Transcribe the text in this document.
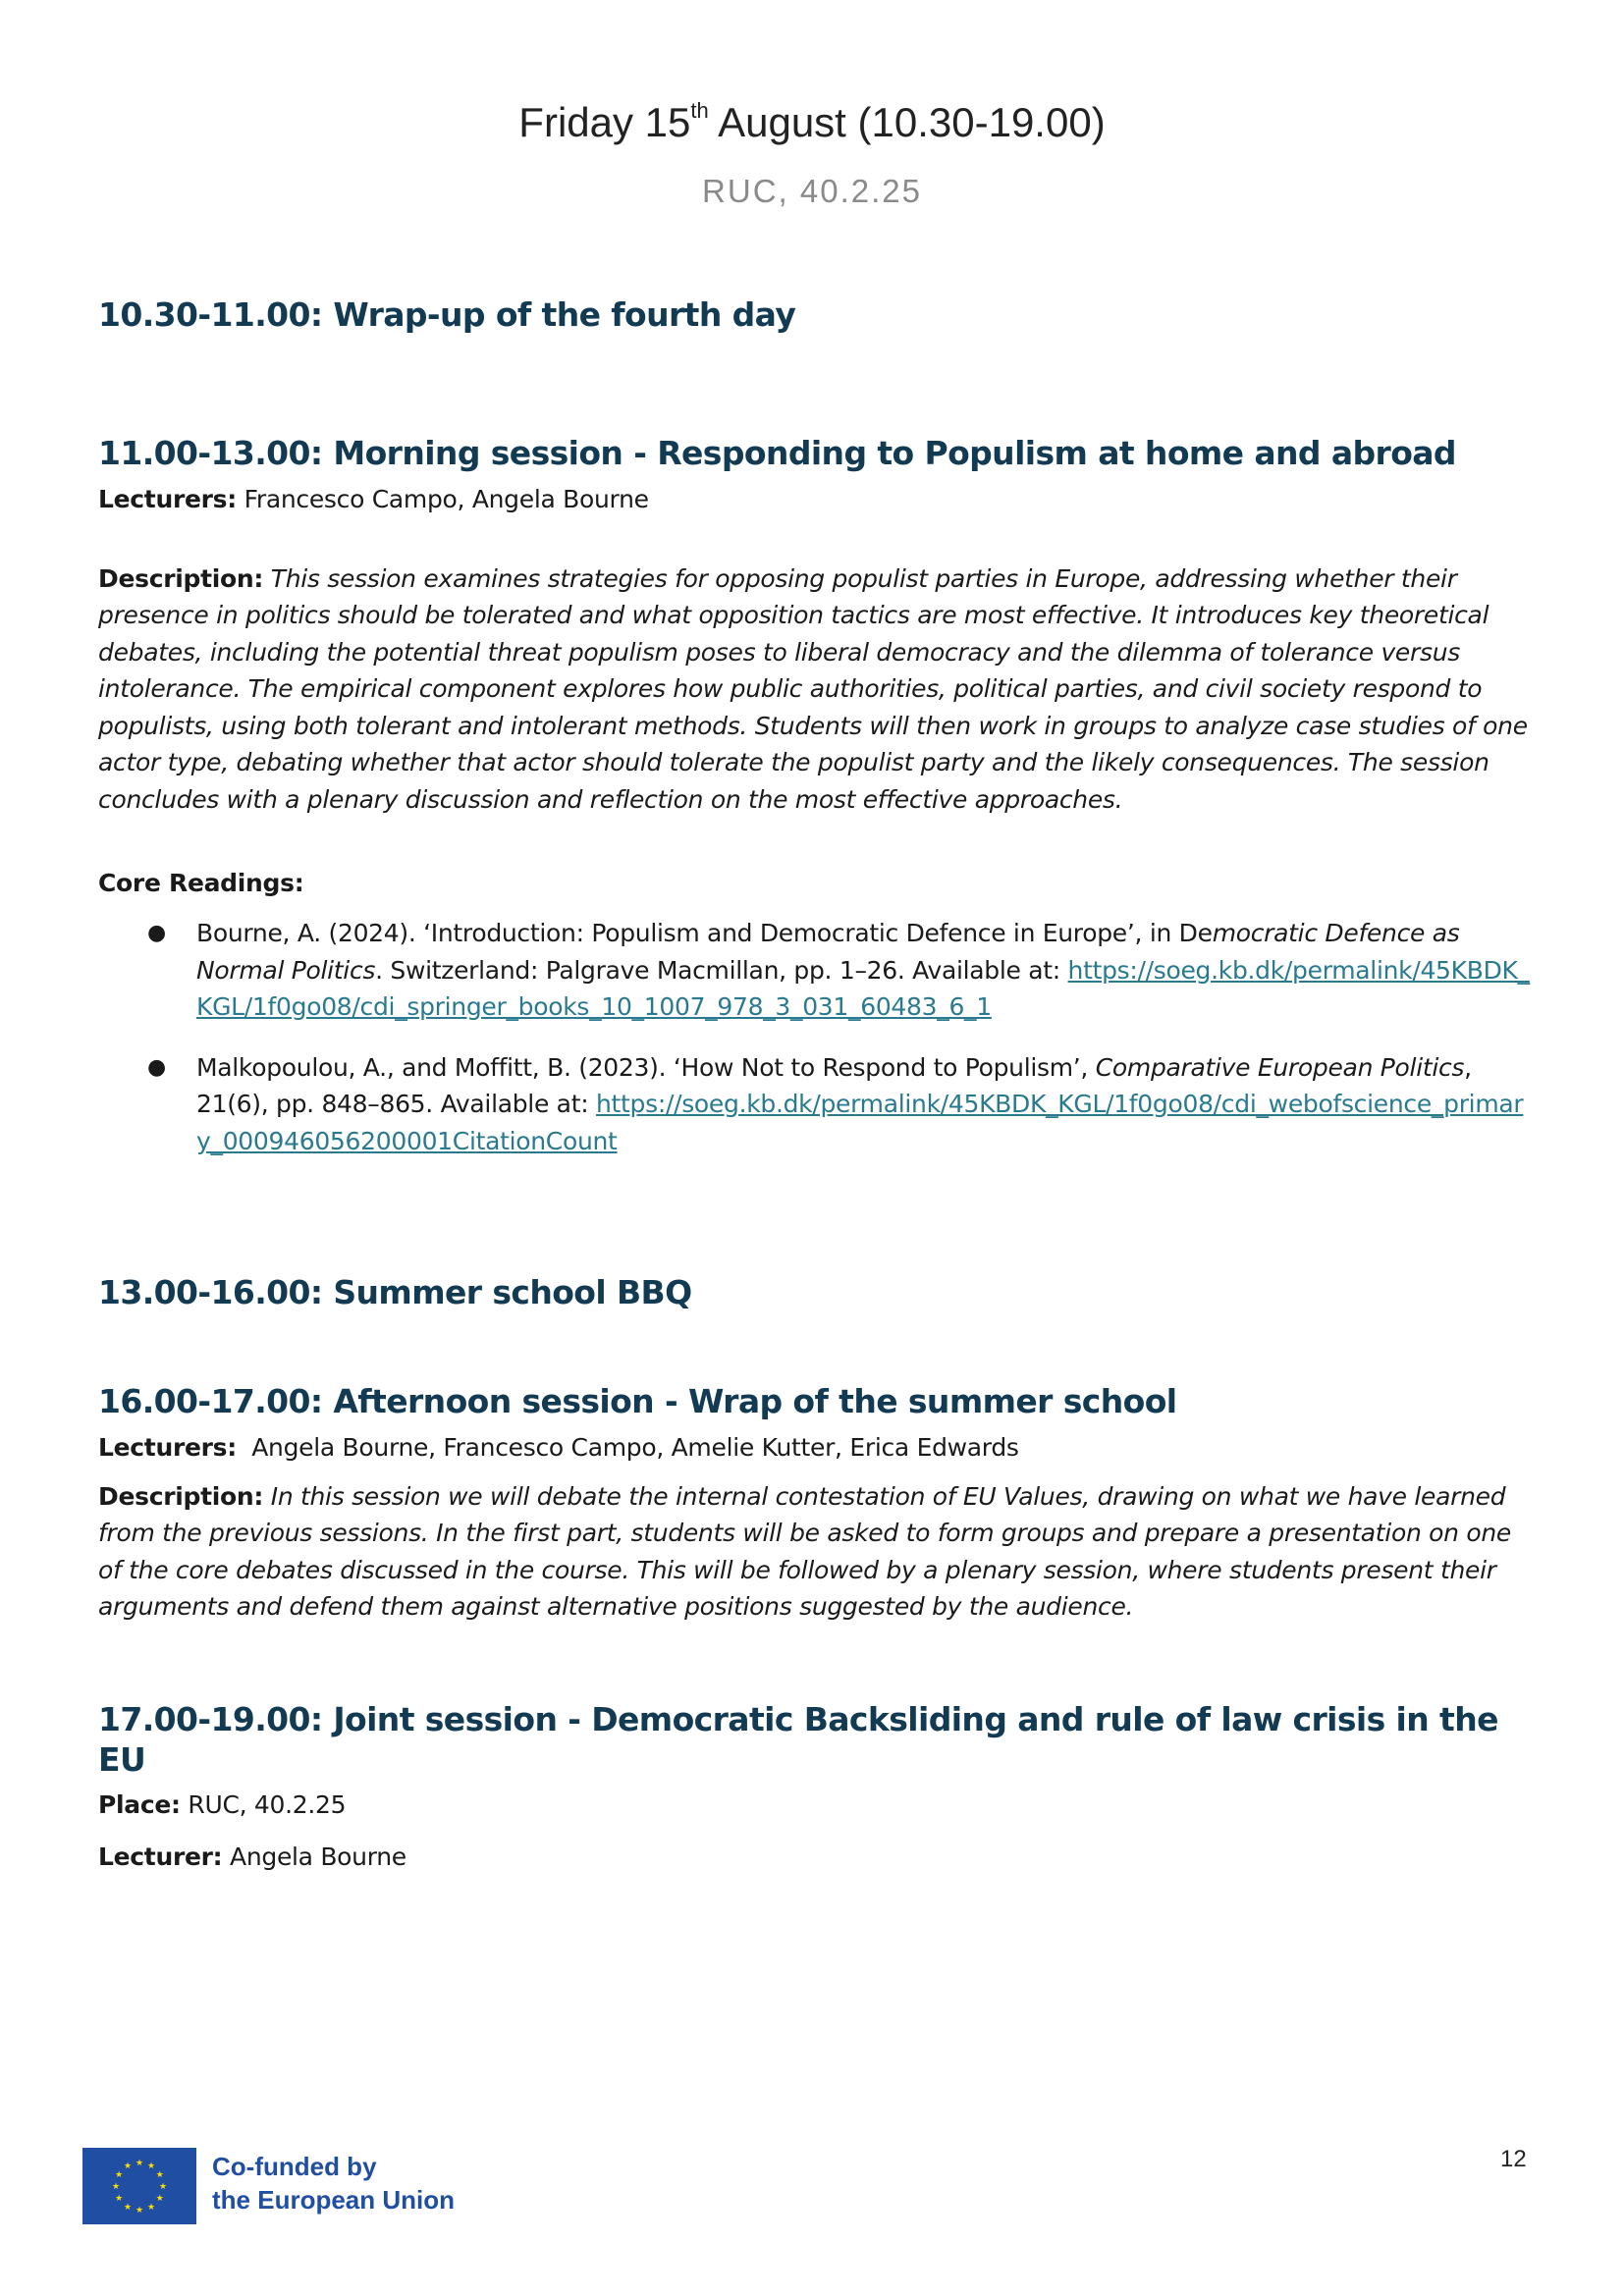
Friday 15th August (10.30-19.00)
RUC, 40.2.25
10.30-11.00: Wrap-up of the fourth day
11.00-13.00: Morning session - Responding to Populism at home and abroad

Lecturers: Francesco Campo, Angela Bourne

Description: This session examines strategies for opposing populist parties in Europe, addressing whether their presence in politics should be tolerated and what opposition tactics are most effective. It introduces key theoretical debates, including the potential threat populism poses to liberal democracy and the dilemma of tolerance versus intolerance. The empirical component explores how public authorities, political parties, and civil society respond to populists, using both tolerant and intolerant methods. Students will then work in groups to analyze case studies of one actor type, debating whether that actor should tolerate the populist party and the likely consequences. The session concludes with a plenary discussion and reflection on the most effective approaches.

Core Readings:

● Bourne, A. (2024). ‘Introduction: Populism and Democratic Defence in Europe’, in Democratic Defence as Normal Politics. Switzerland: Palgrave Macmillan, pp. 1–26. Available at: https://soeg.kb.dk/permalink/45KBDK_KGL/1f0go08/cdi_springer_books_10_1007_978_3_031_60483_6_1
● Malkopoulou, A., and Moffitt, B. (2023). ‘How Not to Respond to Populism’, Comparative European Politics, 21(6), pp. 848–865. Available at: https://soeg.kb.dk/permalink/45KBDK_KGL/1f0go08/cdi_webofscience_primary_000946056200001CitationCount
13.00-16.00: Summer school BBQ
16.00-17.00: Afternoon session - Wrap of the summer school

Lecturers:  Angela Bourne, Francesco Campo, Amelie Kutter, Erica Edwards

Description: In this session we will debate the internal contestation of EU Values, drawing on what we have learned from the previous sessions. In the first part, students will be asked to form groups and prepare a presentation on one of the core debates discussed in the course. This will be followed by a plenary session, where students present their arguments and defend them against alternative positions suggested by the audience.

17.00-19.00: Joint session - Democratic Backsliding and rule of law crisis in the EU

Place: RUC, 40.2.25

Lecturer: Angela Bourne

★ ★
★
★
★
★
★
★
★
★
★
★	Co-funded by
the European Union
12
